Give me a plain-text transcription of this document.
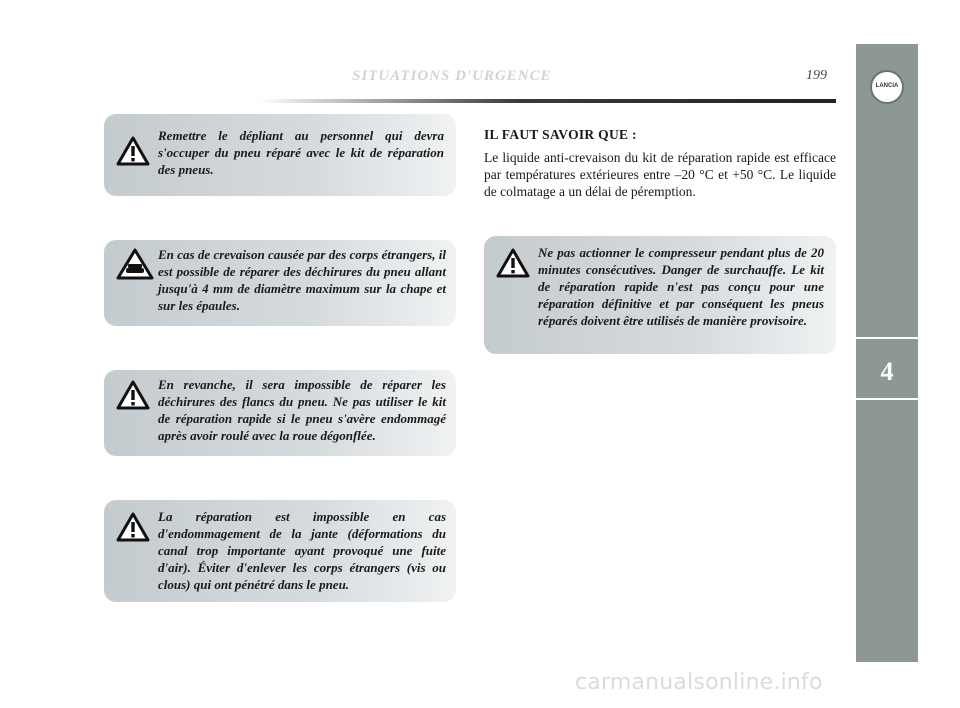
SITUATIONS D'URGENCE	199
LANCIA
4
Remettre le dépliant au personnel qui devra s'occuper du pneu réparé avec le kit de réparation des pneus.
En cas de crevaison causée par des corps étrangers, il est possible de réparer des déchirures du pneu allant jusqu'à 4 mm de diamètre maximum sur la chape et sur les épaules.
En revanche, il sera impossible de réparer les déchirures des flancs du pneu. Ne pas utiliser le kit de réparation rapide si le pneu s'avère endommagé après avoir roulé avec la roue dégonflée.
La réparation est impossible en cas d'endommagement de la jante (déformations du canal trop importante ayant provoqué une fuite d'air). Éviter d'enlever les corps étrangers (vis ou clous) qui ont pénétré dans le pneu.
IL FAUT SAVOIR QUE :
Le liquide anti-crevaison du kit de réparation rapide est efficace par températures extérieures entre –20 °C et +50 °C. Le liquide de colmatage a un délai de péremption.
Ne pas actionner le compresseur pendant plus de 20 minutes consécutives. Danger de surchauffe. Le kit de réparation rapide n'est pas conçu pour une réparation définitive et par conséquent les pneus réparés doivent être utilisés de manière provisoire.
carmanualsonline.info
